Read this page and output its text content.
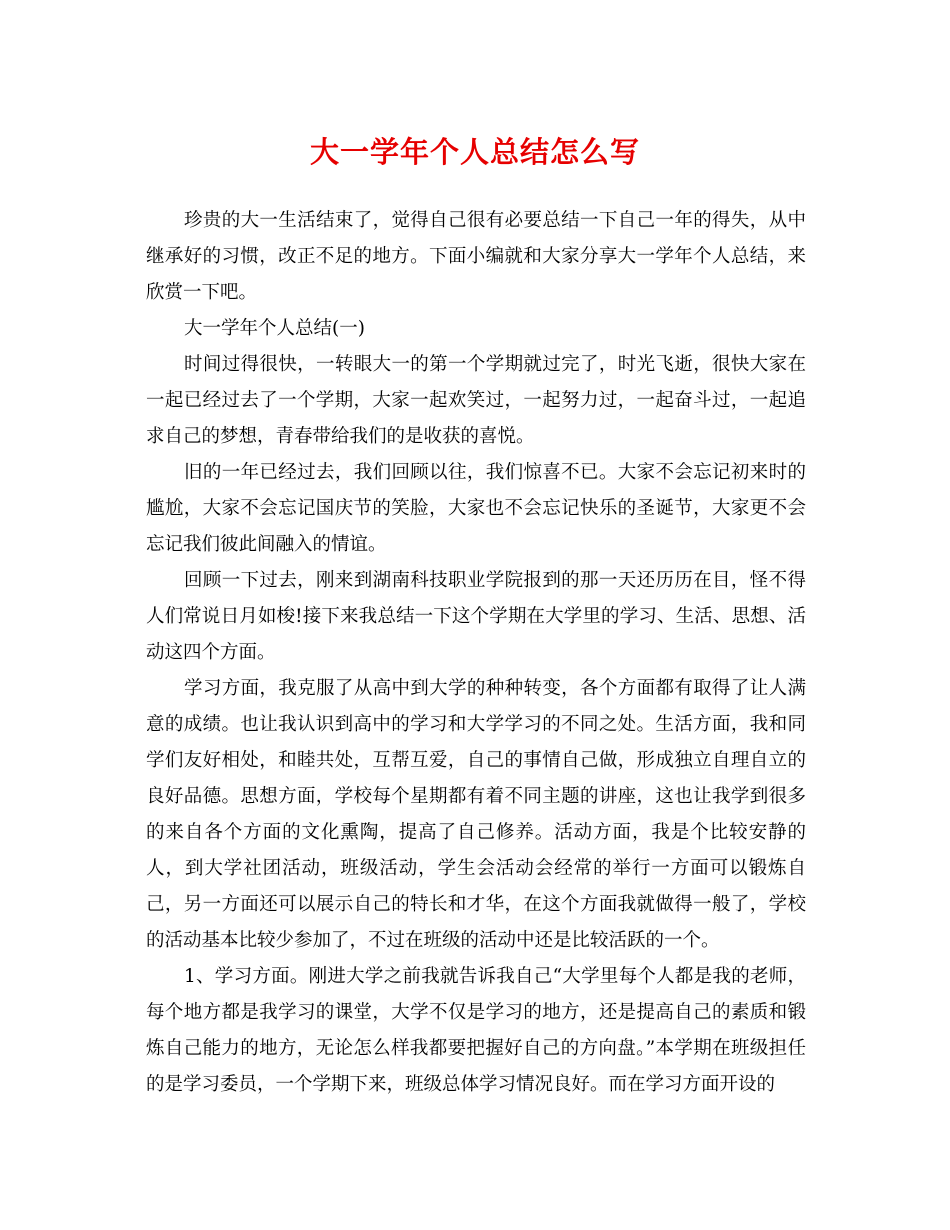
大一学年个人总结怎么写

珍贵的大一生活结束了，觉得自己很有必要总结一下自己一年的得失，从中继承好的习惯，改正不足的地方。下面小编就和大家分享大一学年个人总结，来欣赏一下吧。

大一学年个人总结(一)

时间过得很快，一转眼大一的第一个学期就过完了，时光飞逝，很快大家在一起已经过去了一个学期，大家一起欢笑过，一起努力过，一起奋斗过，一起追求自己的梦想，青春带给我们的是收获的喜悦。

旧的一年已经过去，我们回顾以往，我们惊喜不已。大家不会忘记初来时的尴尬，大家不会忘记国庆节的笑脸，大家也不会忘记快乐的圣诞节，大家更不会忘记我们彼此间融入的情谊。

回顾一下过去，刚来到湖南科技职业学院报到的那一天还历历在目，怪不得人们常说日月如梭!接下来我总结一下这个学期在大学里的学习、生活、思想、活动这四个方面。

学习方面，我克服了从高中到大学的种种转变，各个方面都有取得了让人满意的成绩。也让我认识到高中的学习和大学学习的不同之处。生活方面，我和同学们友好相处，和睦共处，互帮互爱，自己的事情自己做，形成独立自理自立的良好品德。思想方面，学校每个星期都有着不同主题的讲座，这也让我学到很多的来自各个方面的文化熏陶，提高了自己修养。活动方面，我是个比较安静的人，到大学社团活动，班级活动，学生会活动会经常的举行一方面可以锻炼自己，另一方面还可以展示自己的特长和才华，在这个方面我就做得一般了，学校的活动基本比较少参加了，不过在班级的活动中还是比较活跃的一个。

1、学习方面。刚进大学之前我就告诉我自己“大学里每个人都是我的老师，每个地方都是我学习的课堂，大学不仅是学习的地方，还是提高自己的素质和锻炼自己能力的地方，无论怎么样我都要把握好自己的方向盘。”本学期在班级担任的是学习委员，一个学期下来，班级总体学习情况良好。而在学习方面开设的
